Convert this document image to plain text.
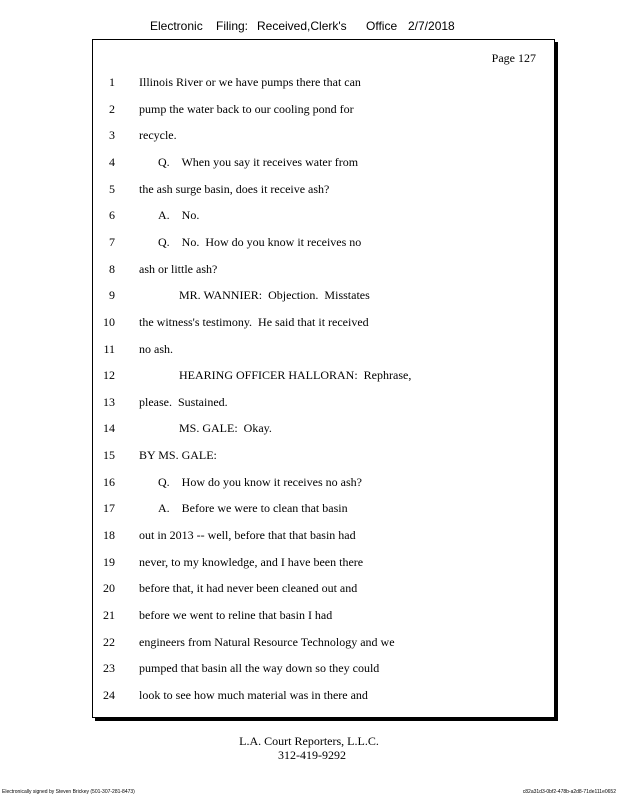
Electronic Filing: Received,Clerk's Office 2/7/2018
Page 127
1 Illinois River or we have pumps there that can
2 pump the water back to our cooling pond for
3 recycle.
4	Q.    When you say it receives water from
5 the ash surge basin, does it receive ash?
6	A.    No.
7	Q.    No.  How do you know it receives no
8 ash or little ash?
9	MR. WANNIER:  Objection.  Misstates
10 the witness's testimony.  He said that it received
11 no ash.
12	HEARING OFFICER HALLORAN:  Rephrase,
13 please.  Sustained.
14	MS. GALE:  Okay.
15 BY MS. GALE:
16	Q.    How do you know it receives no ash?
17	A.    Before we were to clean that basin
18 out in 2013 -- well, before that that basin had
19 never, to my knowledge, and I have been there
20 before that, it had never been cleaned out and
21 before we went to reline that basin I had
22 engineers from Natural Resource Technology and we
23 pumped that basin all the way down so they could
24 look to see how much material was in there and
L.A. Court Reporters, L.L.C.
312-419-9292
Electronically signed by Steven Brickey (501-307-281-8473)	c82a31d3-0bf2-478b-a2d8-71de111e0652
